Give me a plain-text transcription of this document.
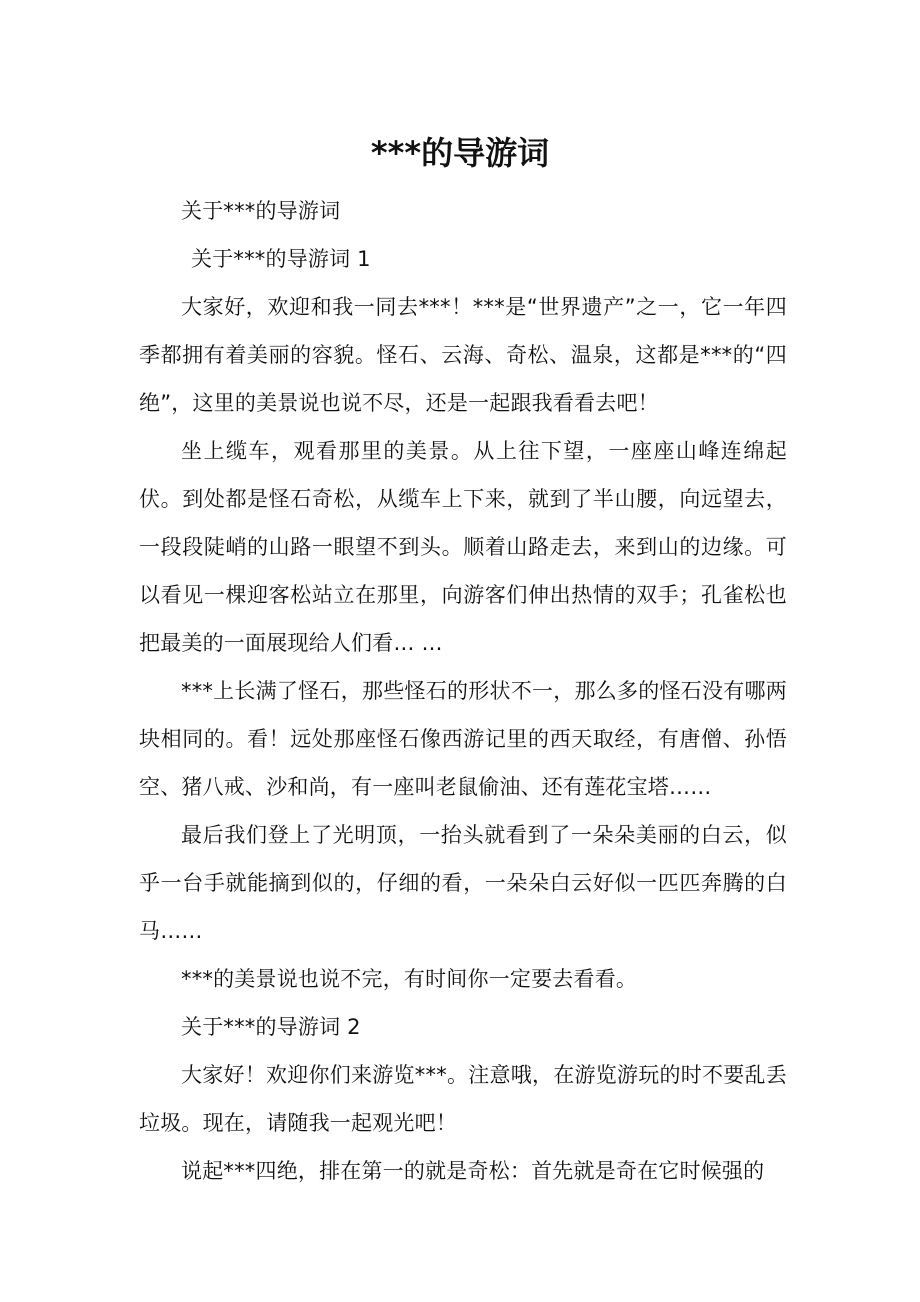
***的导游词

关于***的导游词

关于***的导游词 1

大家好，欢迎和我一同去***！***是“世界遗产”之一，它一年四季都拥有着美丽的容貌。怪石、云海、奇松、温泉，这都是***的“四绝”，这里的美景说也说不尽，还是一起跟我看看去吧！

坐上缆车，观看那里的美景。从上往下望，一座座山峰连绵起伏。到处都是怪石奇松，从缆车上下来，就到了半山腰，向远望去，一段段陡峭的山路一眼望不到头。顺着山路走去，来到山的边缘。可以看见一棵迎客松站立在那里，向游客们伸出热情的双手；孔雀松也把最美的一面展现给人们看… …

***上长满了怪石，那些怪石的形状不一，那么多的怪石没有哪两块相同的。看！远处那座怪石像西游记里的西天取经，有唐僧、孙悟空、猪八戒、沙和尚，有一座叫老鼠偷油、还有莲花宝塔……

最后我们登上了光明顶，一抬头就看到了一朵朵美丽的白云，似乎一台手就能摘到似的，仔细的看，一朵朵白云好似一匹匹奔腾的白马……

***的美景说也说不完，有时间你一定要去看看。

关于***的导游词 2

大家好！欢迎你们来游览***。注意哦，在游览游玩的时不要乱丢垃圾。现在，请随我一起观光吧！

说起***四绝，排在第一的就是奇松：首先就是奇在它时候强的
